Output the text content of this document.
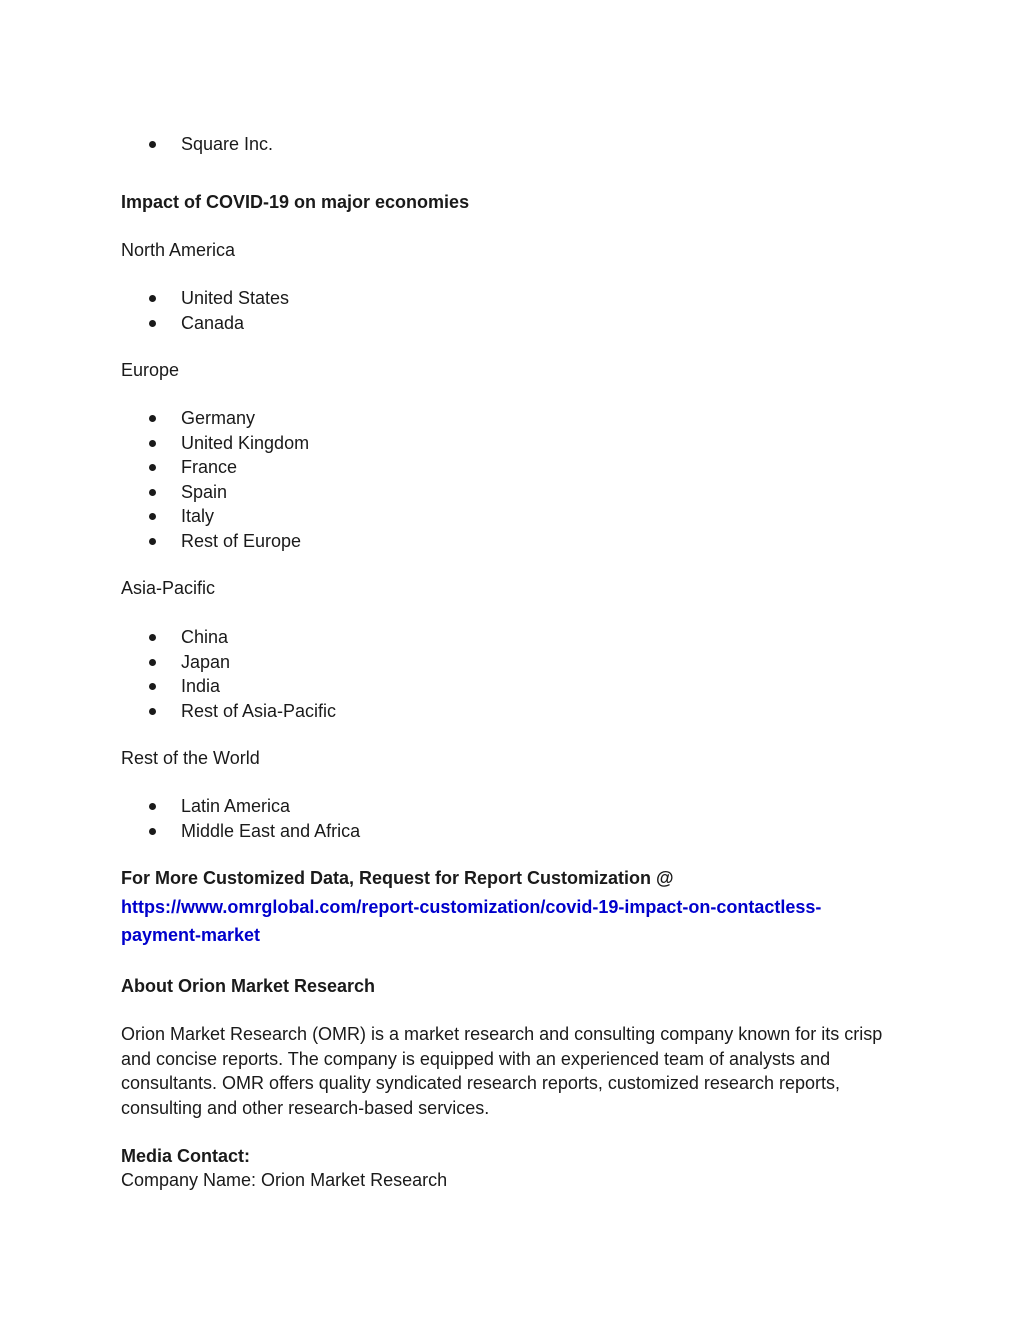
Square Inc.

Impact of COVID-19 on major economies

North America

United States
Canada

Europe

Germany
United Kingdom
France
Spain
Italy
Rest of Europe

Asia-Pacific

China
Japan
India
Rest of Asia-Pacific

Rest of the World

Latin America
Middle East and Africa

For More Customized Data, Request for Report Customization @

https://www.omrglobal.com/report-customization/covid-19-impact-on-contactless-
payment-market

About Orion Market Research

Orion Market Research (OMR) is a market research and consulting company known for its crisp and concise reports. The company is equipped with an experienced team of analysts and consultants. OMR offers quality syndicated research reports, customized research reports, consulting and other research-based services.

Media Contact:

Company Name: Orion Market Research
